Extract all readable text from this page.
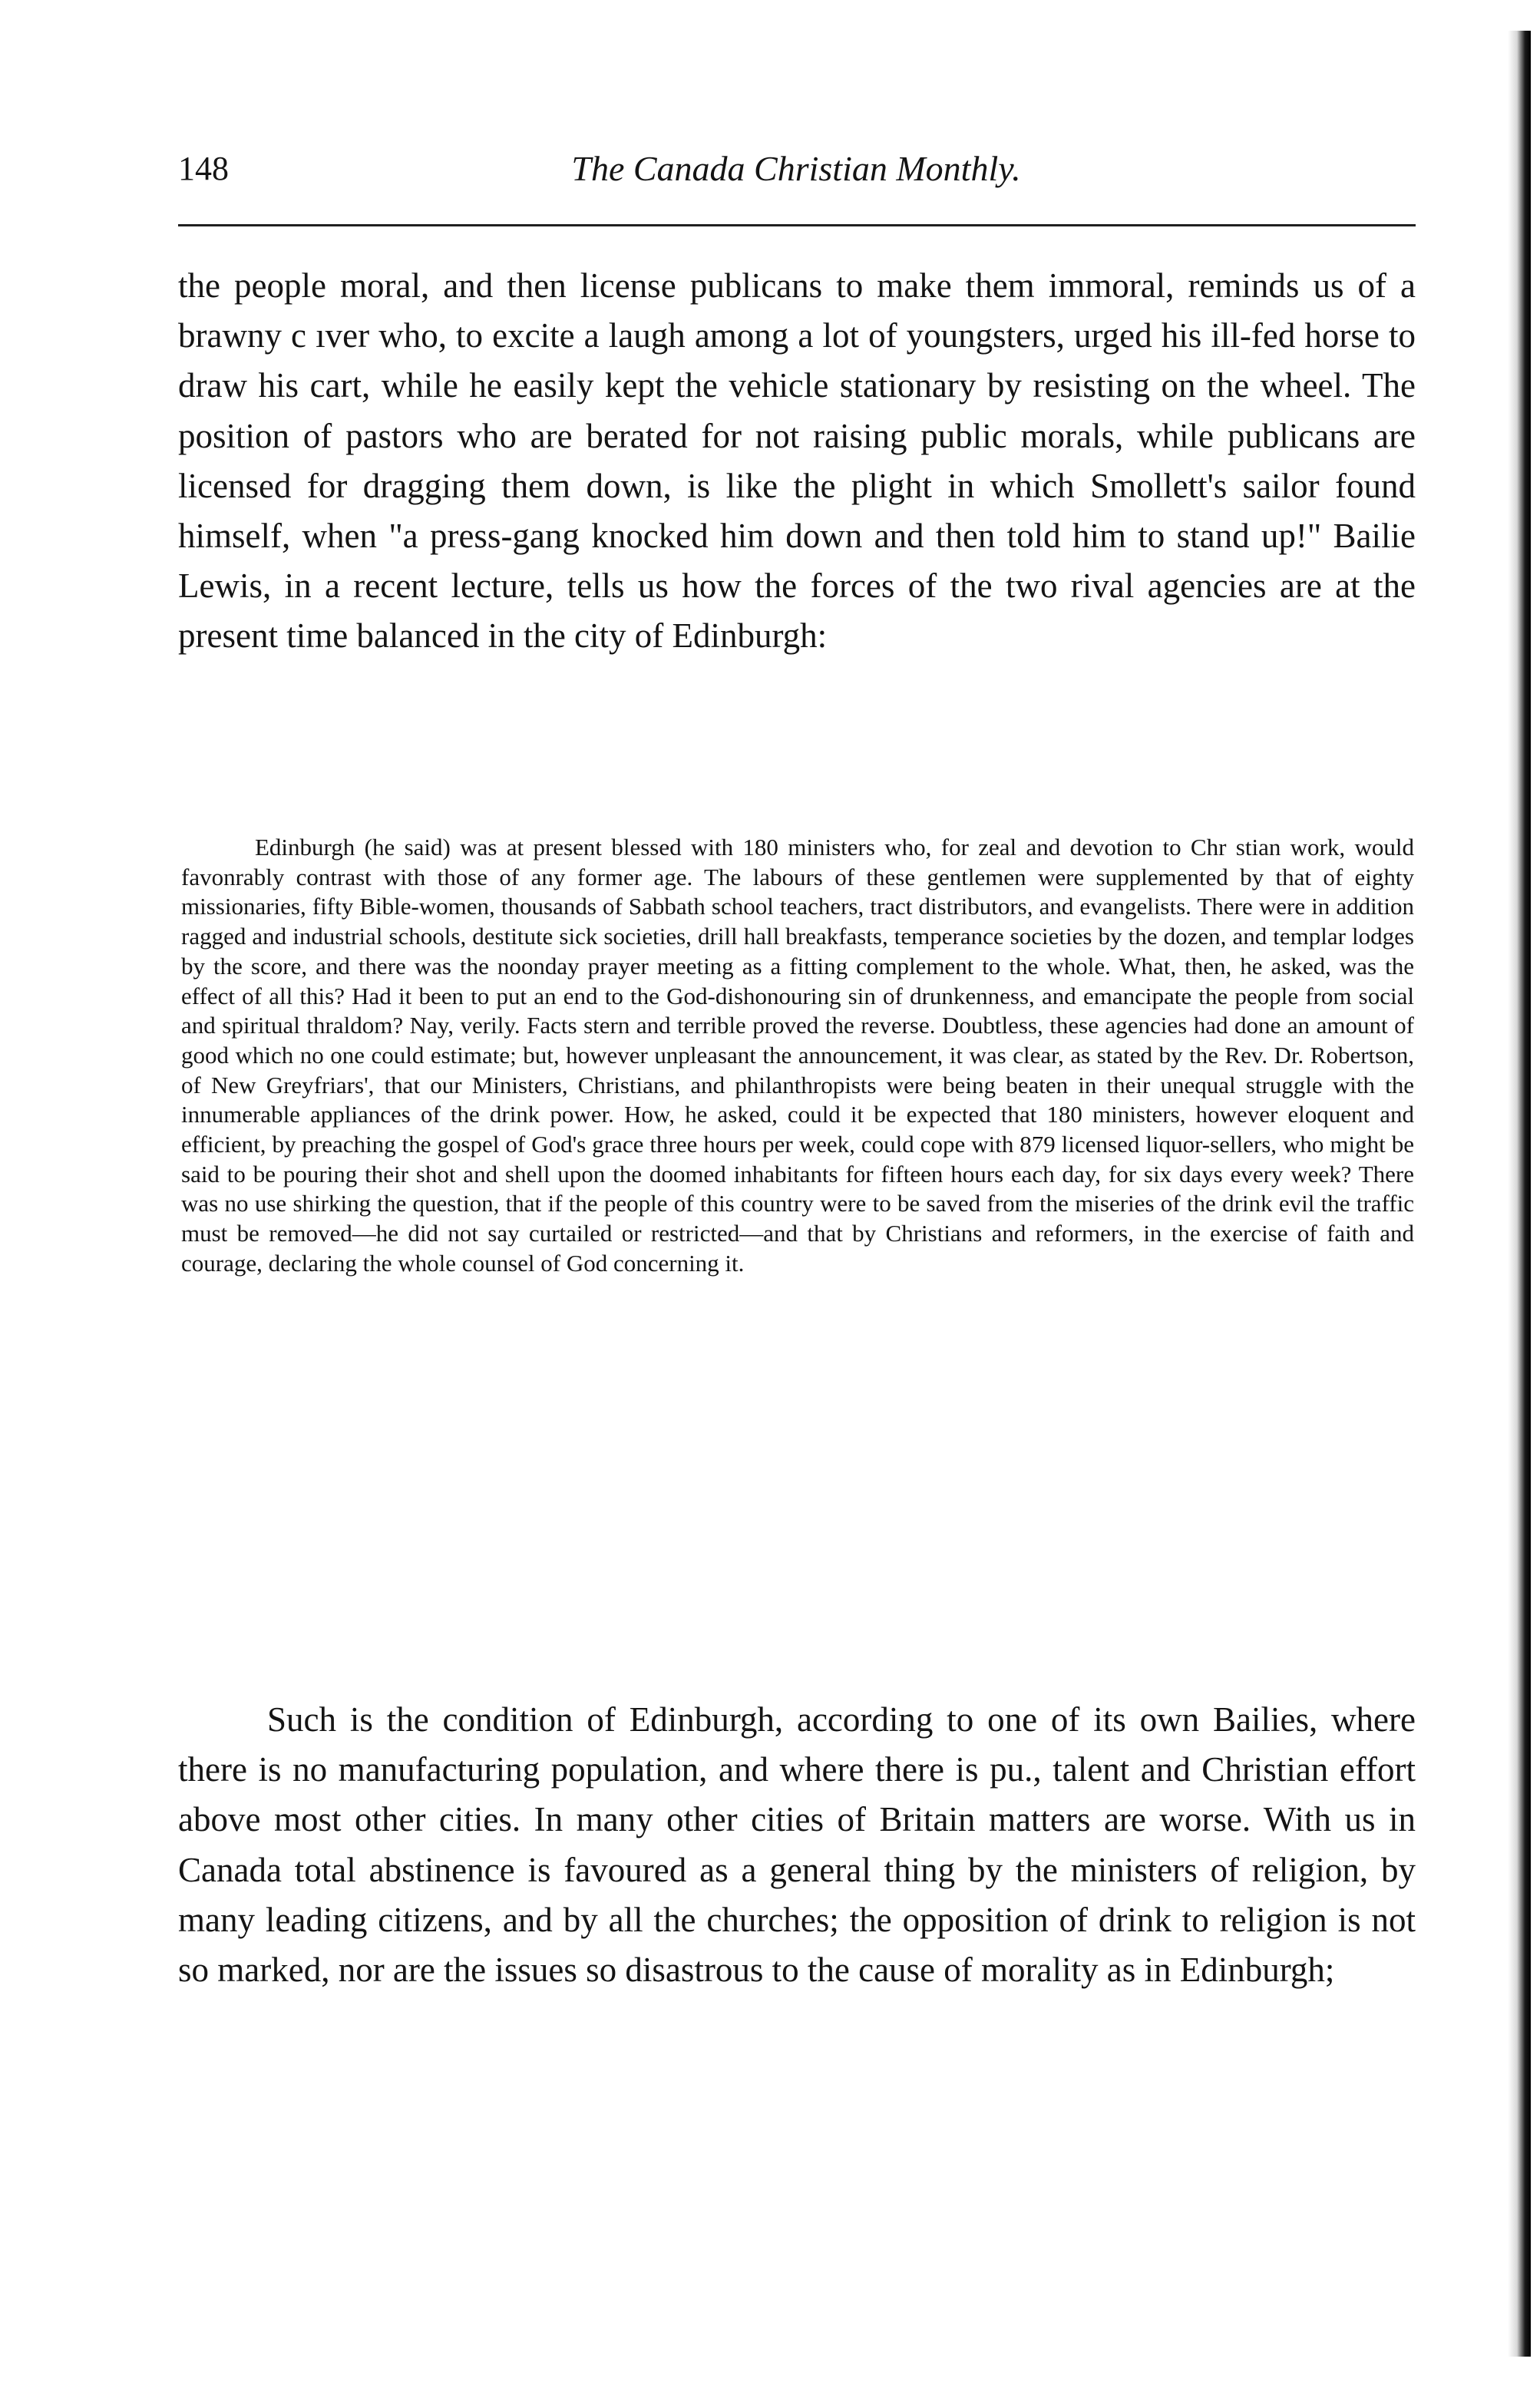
148	The Canada Christian Monthly.

the people moral, and then license publicans to make them immoral, reminds us of a brawny c ıver who, to excite a laugh among a lot of youngsters, urged his ill-fed horse to draw his cart, while he easily kept the vehicle stationary by resisting on the wheel. The position of pastors who are berated for not raising public morals, while publicans are licensed for dragging them down, is like the plight in which Smollett's sailor found himself, when "a press-gang knocked him down and then told him to stand up!" Bailie Lewis, in a recent lecture, tells us how the forces of the two rival agencies are at the present time balanced in the city of Edinburgh:

Edinburgh (he said) was at present blessed with 180 ministers who, for zeal and devotion to Chr stian work, would favonrably contrast with those of any former age. The labours of these gentlemen were supplemented by that of eighty missionaries, fifty Bible-women, thousands of Sabbath school teachers, tract distributors, and evangelists. There were in addition ragged and industrial schools, destitute sick societies, drill hall breakfasts, temperance societies by the dozen, and templar lodges by the score, and there was the noonday prayer meeting as a fitting complement to the whole. What, then, he asked, was the effect of all this? Had it been to put an end to the God-dishonouring sin of drunkenness, and emancipate the people from social and spiritual thraldom? Nay, verily. Facts stern and terrible proved the reverse. Doubtless, these agencies had done an amount of good which no one could estimate; but, however unpleasant the announcement, it was clear, as stated by the Rev. Dr. Robertson, of New Greyfriars', that our Ministers, Christians, and philanthropists were being beaten in their unequal struggle with the innumerable appliances of the drink power. How, he asked, could it be expected that 180 ministers, however eloquent and efficient, by preaching the gospel of God's grace three hours per week, could cope with 879 licensed liquor-sellers, who might be said to be pouring their shot and shell upon the doomed inhabitants for fifteen hours each day, for six days every week? There was no use shirking the question, that if the people of this country were to be saved from the miseries of the drink evil the traffic must be removed—he did not say curtailed or restricted—and that by Christians and reformers, in the exercise of faith and courage, declaring the whole counsel of God concerning it.

Such is the condition of Edinburgh, according to one of its own Bailies, where there is no manufacturing population, and where there is pu., talent and Christian effort above most other cities. In many other cities of Britain matters are worse. With us in Canada total abstinence is favoured as a general thing by the ministers of religion, by many leading citizens, and by all the churches; the opposition of drink to religion is not so marked, nor are the issues so disastrous to the cause of morality as in Edinburgh;
